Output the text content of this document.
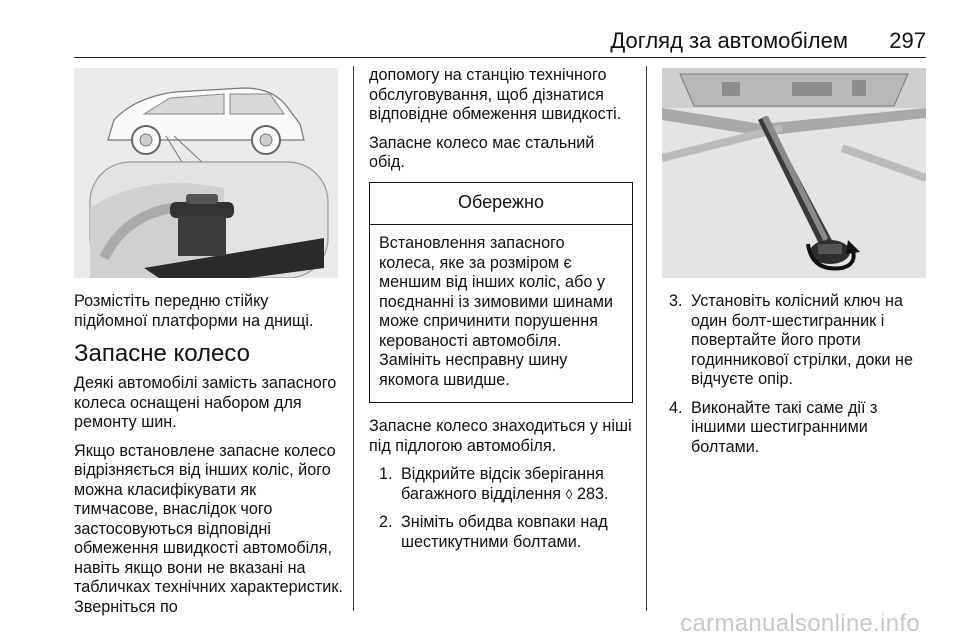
Догляд за автомобілем 297

Розмістіть передню стійку підйомної платформи на днищі.

Запасне колесо

Деякі автомобілі замість запасного колеса оснащені набором для ремонту шин.

Якщо встановлене запасне колесо відрізняється від інших коліс, його можна класифікувати як тимчасове, внаслідок чого застосовуються відповідні обмеження швидкості автомобіля, навіть якщо вони не вказані на табличках технічних характеристик. Зверніться по

допомогу на станцію технічного обслуговування, щоб дізнатися відповідне обмеження швидкості.

Запасне колесо має стальний обід.

Обережно
Встановлення запасного колеса, яке за розміром є меншим від інших коліс, або у поєднанні із зимовими шинами може спричинити порушення керованості автомобіля.
Замініть несправну шину якомога швидше.

Запасне колесо знаходиться у ніші під підлогою автомобіля.

1. Відкрийте відсік зберігання багажного відділення ◊ 283.
2. Зніміть обидва ковпаки над шестикутними болтами.
3. Установіть колісний ключ на один болт-шестигранник і повертайте його проти годинникової стрілки, доки не відчуєте опір.
4. Виконайте такі саме дії з іншими шестигранними болтами.
carmanualsonline.info
